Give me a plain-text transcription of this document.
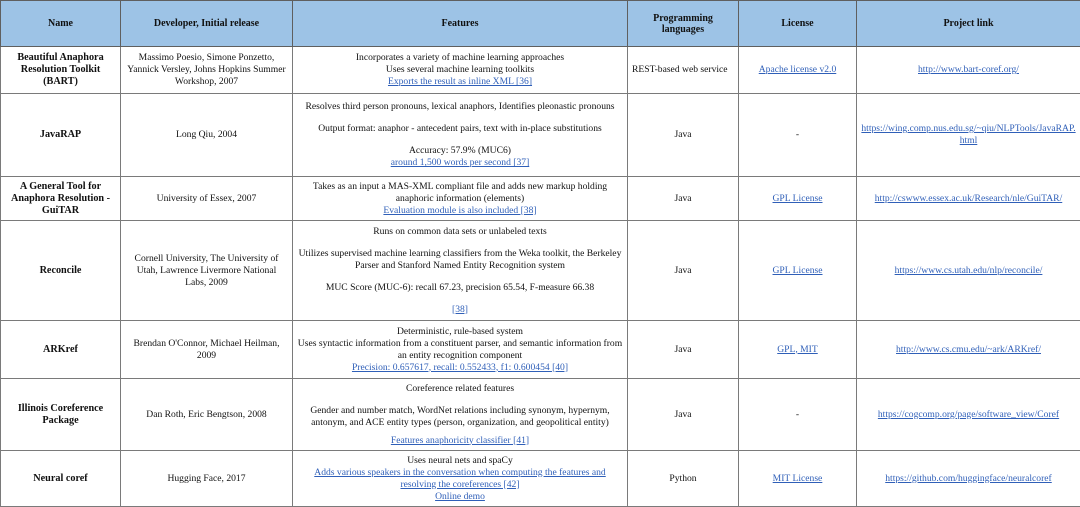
Name	Developer, Initial release	Features	Programming languages	License	Project link
Beautiful Anaphora Resolution Toolkit (BART)	Massimo Poesio, Simone Ponzetto, Yannick Versley, Johns Hopkins Summer Workshop, 2007	Incorporates a variety of machine learning approaches
Uses several machine learning toolkits
Exports the result as inline XML [36]	REST-based web service	Apache license v2.0	http://www.bart-coref.org/
JavaRAP	Long Qiu, 2004	Resolves third person pronouns, lexical anaphors, Identifies pleonastic pronouns
Output format: anaphor - antecedent pairs, text with in-place substitutions
Accuracy: 57.9% (MUC6)
around 1,500 words per second [37]	Java	-	https://wing.comp.nus.edu.sg/~qiu/NLPTools/JavaRAP.html
A General Tool for Anaphora Resolution - GuiTAR	University of Essex, 2007	Takes as an input a MAS-XML compliant file and adds new markup holding anaphoric information (elements)
Evaluation module is also included [38]	Java	GPL License	http://cswww.essex.ac.uk/Research/nle/GuiTAR/
Reconcile	Cornell University, The University of Utah, Lawrence Livermore National Labs, 2009	Runs on common data sets or unlabeled texts
Utilizes supervised machine learning classifiers from the Weka toolkit, the Berkeley Parser and Stanford Named Entity Recognition system
MUC Score (MUC-6): recall 67.23, precision 65.54, F-measure 66.38
[38]	Java	GPL License	https://www.cs.utah.edu/nlp/reconcile/
ARKref	Brendan O'Connor, Michael Heilman, 2009	Deterministic, rule-based system
Uses syntactic information from a constituent parser, and semantic information from an entity recognition component
Precision: 0.657617, recall: 0.552433, f1: 0.600454 [40]	Java	GPL, MIT	http://www.cs.cmu.edu/~ark/ARKref/
Illinois Coreference Package	Dan Roth, Eric Bengtson, 2008	Coreference related features
Gender and number match, WordNet relations including synonym, hypernym, antonym, and ACE entity types (person, organization, and geopolitical entity)
Features anaphoricity classifier [41]	Java	-	https://cogcomp.org/page/software_view/Coref
Neural coref	Hugging Face, 2017	Uses neural nets and spaCy
Adds various speakers in the conversation when computing the features and resolving the coreferences [42]
Online demo	Python	MIT License	https://github.com/huggingface/neuralcoref
